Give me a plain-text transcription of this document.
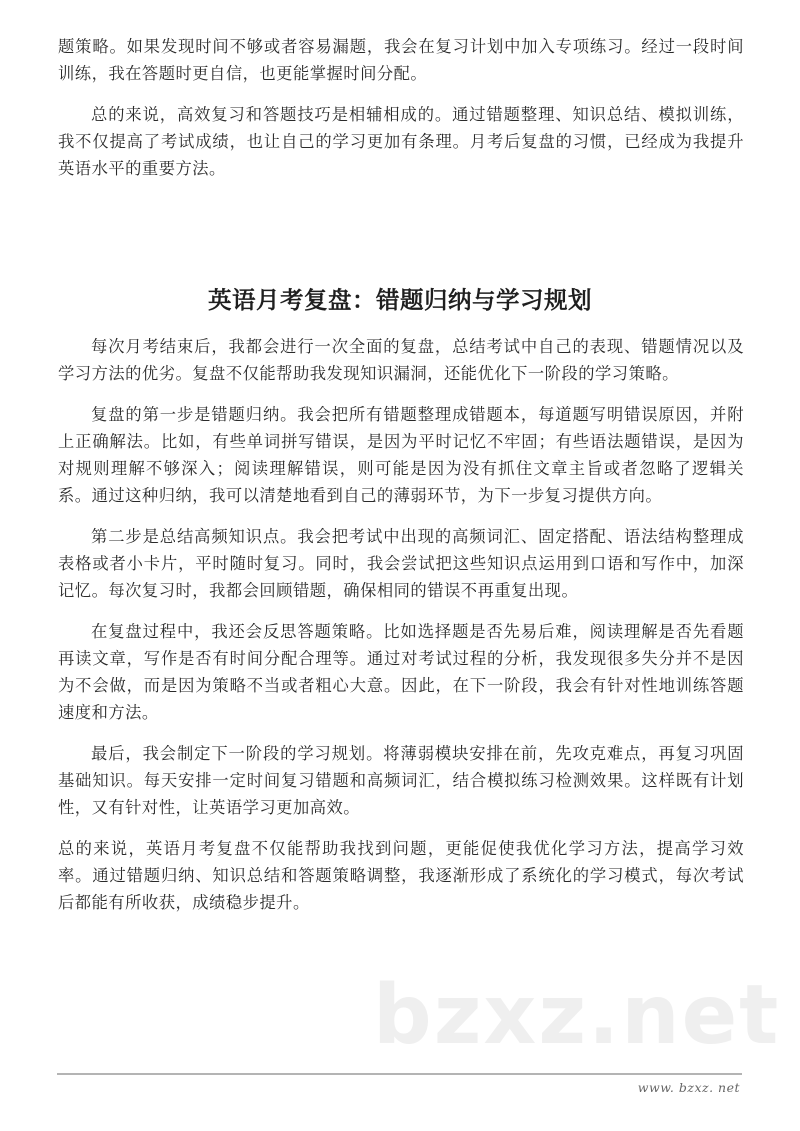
题策略。如果发现时间不够或者容易漏题，我会在复习计划中加入专项练习。经过一段时间训练，我在答题时更自信，也更能掌握时间分配。

总的来说，高效复习和答题技巧是相辅相成的。通过错题整理、知识总结、模拟训练，我不仅提高了考试成绩，也让自己的学习更加有条理。月考后复盘的习惯，已经成为我提升英语水平的重要方法。

英语月考复盘：错题归纳与学习规划

每次月考结束后，我都会进行一次全面的复盘，总结考试中自己的表现、错题情况以及学习方法的优劣。复盘不仅能帮助我发现知识漏洞，还能优化下一阶段的学习策略。

复盘的第一步是错题归纳。我会把所有错题整理成错题本，每道题写明错误原因，并附上正确解法。比如，有些单词拼写错误，是因为平时记忆不牢固；有些语法题错误，是因为对规则理解不够深入；阅读理解错误，则可能是因为没有抓住文章主旨或者忽略了逻辑关系。通过这种归纳，我可以清楚地看到自己的薄弱环节，为下一步复习提供方向。

第二步是总结高频知识点。我会把考试中出现的高频词汇、固定搭配、语法结构整理成表格或者小卡片，平时随时复习。同时，我会尝试把这些知识点运用到口语和写作中，加深记忆。每次复习时，我都会回顾错题，确保相同的错误不再重复出现。

在复盘过程中，我还会反思答题策略。比如选择题是否先易后难，阅读理解是否先看题再读文章，写作是否有时间分配合理等。通过对考试过程的分析，我发现很多失分并不是因为不会做，而是因为策略不当或者粗心大意。因此，在下一阶段，我会有针对性地训练答题速度和方法。

最后，我会制定下一阶段的学习规划。将薄弱模块安排在前，先攻克难点，再复习巩固基础知识。每天安排一定时间复习错题和高频词汇，结合模拟练习检测效果。这样既有计划性，又有针对性，让英语学习更加高效。

总的来说，英语月考复盘不仅能帮助我找到问题，更能促使我优化学习方法，提高学习效率。通过错题归纳、知识总结和答题策略调整，我逐渐形成了系统化的学习模式，每次考试后都能有所收获，成绩稳步提升。

bzxz.net
www. bzxz. net
